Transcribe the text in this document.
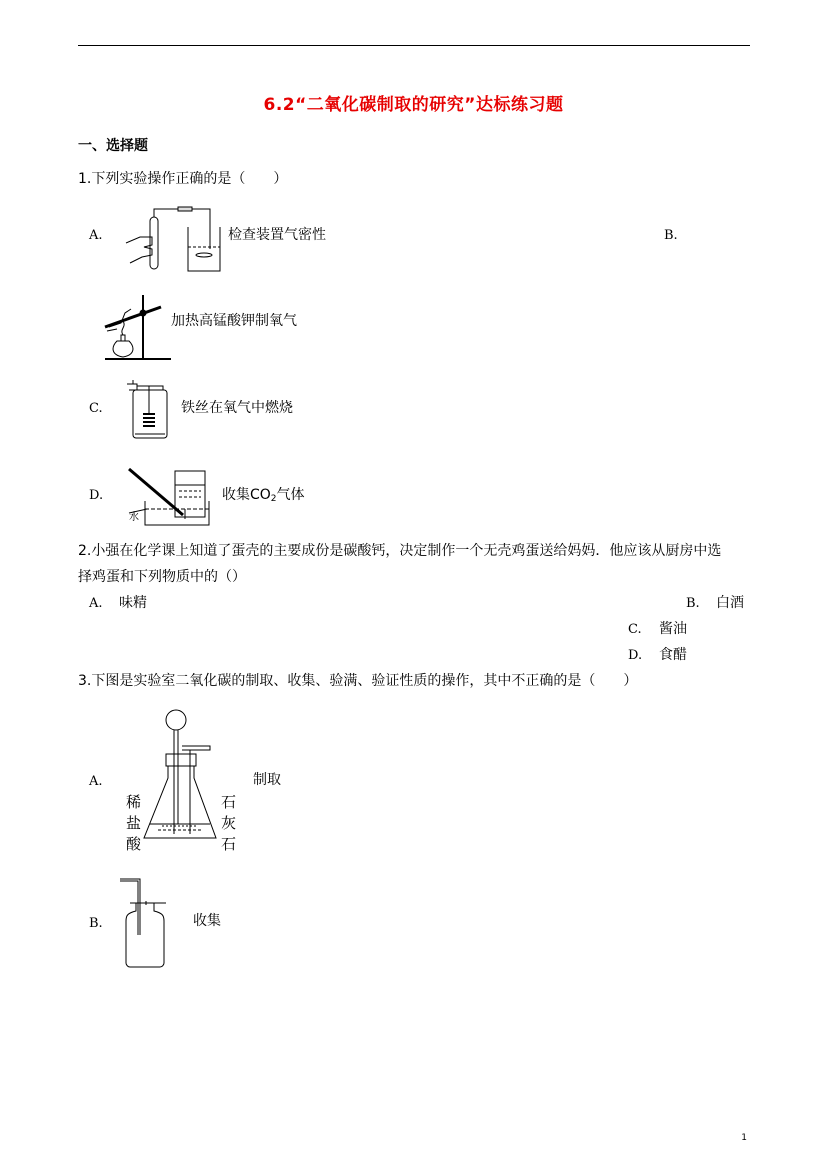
6.2“二氧化碳制取的研究”达标练习题
一、选择题
1.下列实验操作正确的是（　　）
A.	检查装置气密性	B.
加热高锰酸钾制氧气
C.	铁丝在氧气中燃烧
D.
水
收集$CO_2$气体
2.小强在化学课上知道了蛋壳的主要成份是碳酸钙，决定制作一个无壳鸡蛋送给妈妈．他应该从厨房中选
择鸡蛋和下列物质中的（）
A. 味精	B. 白酒
C. 酱油
D. 食醋
3.下图是实验室二氧化碳的制取、收集、验满、验证性质的操作，其中不正确的是（　　）
A.
稀
盐
酸
石
灰
石
制取
B.	收集
1
